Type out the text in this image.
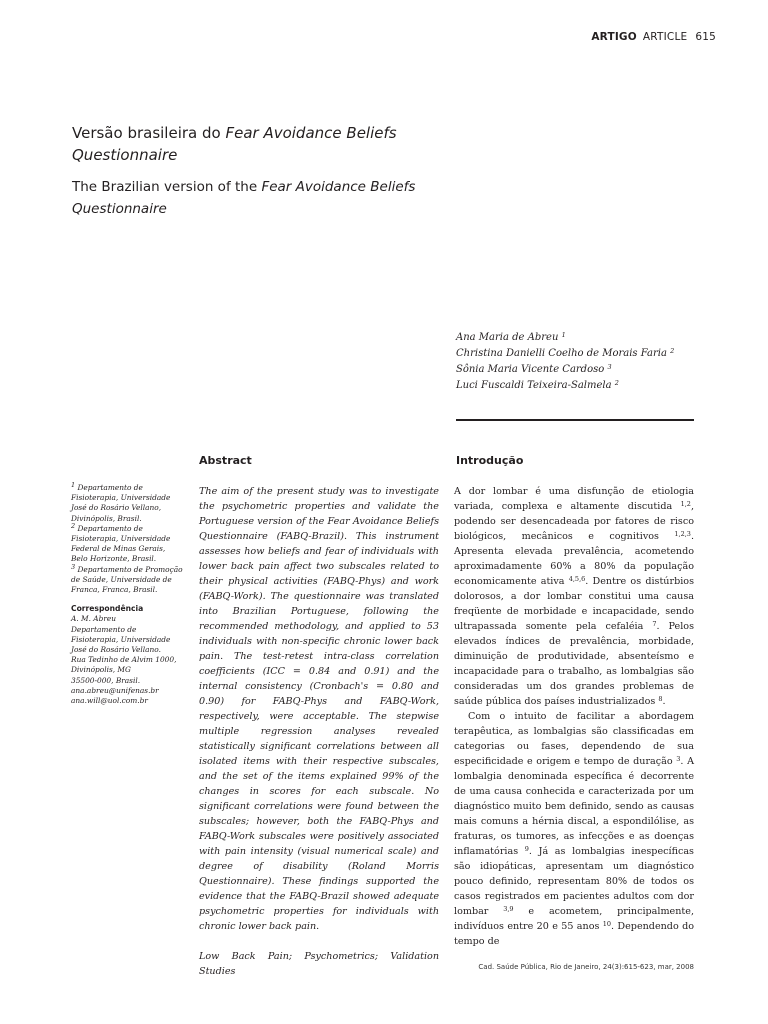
ARTIGO ARTICLE 615
Versão brasileira do Fear Avoidance Beliefs Questionnaire
The Brazilian version of the Fear Avoidance Beliefs Questionnaire
Ana Maria de Abreu $^1$
Christina Danielli Coelho de Morais Faria $^2$
Sônia Maria Vicente Cardoso $^3$
Luci Fuscaldi Teixeira-Salmela $^2$
$^1$ Departamento de Fisioterapia, Universidade José do Rosário Vellano, Divinópolis, Brasil.
$^2$ Departamento de Fisioterapia, Universidade Federal de Minas Gerais, Belo Horizonte, Brasil.
$^3$ Departamento de Promoção de Saúde, Universidade de Franca, Franca, Brasil.
Correspondência
A. M. Abreu
Departamento de
Fisioterapia, Universidade
José do Rosário Vellano.
Rua Tedinho de Alvim 1000,
Divinópolis, MG
35500-000, Brasil.
ana.abreu@unifenas.br
ana.will@uol.com.br
Abstract
The aim of the present study was to investigate the psychometric properties and validate the Portuguese version of the Fear Avoidance Beliefs Questionnaire (FABQ-Brazil). This instrument assesses how beliefs and fear of individuals with lower back pain affect two subscales related to their physical activities (FABQ-Phys) and work (FABQ-Work). The questionnaire was translated into Brazilian Portuguese, following the recommended methodology, and applied to 53 individuals with non-specific chronic lower back pain. The test-retest intra-class correlation coefficients (ICC = 0.84 and 0.91) and the internal consistency (Cronbach's = 0.80 and 0.90) for FABQ-Phys and FABQ-Work, respectively, were acceptable. The stepwise multiple regression analyses revealed statistically significant correlations between all isolated items with their respective subscales, and the set of the items explained 99% of the changes in scores for each subscale. No significant correlations were found between the subscales; however, both the FABQ-Phys and FABQ-Work subscales were positively associated with pain intensity (visual numerical scale) and degree of disability (Roland Morris Questionnaire). These findings supported the evidence that the FABQ-Brazil showed adequate psychometric properties for individuals with chronic lower back pain.
Low Back Pain; Psychometrics; Validation Studies
Introdução

A dor lombar é uma disfunção de etiologia variada, complexa e altamente discutida $^{1,2}$, podendo ser desencadeada por fatores de risco biológicos, mecânicos e cognitivos $^{1,2,3}$. Apresenta elevada prevalência, acometendo aproximadamente 60% a 80% da população economicamente ativa $^{4,5,6}$. Dentre os distúrbios dolorosos, a dor lombar constitui uma causa freqüente de morbidade e incapacidade, sendo ultrapassada somente pela cefaléia $^7$. Pelos elevados índices de prevalência, morbidade, diminuição de produtividade, absenteísmo e incapacidade para o trabalho, as lombalgias são consideradas um dos grandes problemas de saúde pública dos países industrializados $^8$.

Com o intuito de facilitar a abordagem terapêutica, as lombalgias são classificadas em categorias ou fases, dependendo de sua especificidade e origem e tempo de duração $^3$. A lombalgia denominada específica é decorrente de uma causa conhecida e caracterizada por um diagnóstico muito bem definido, sendo as causas mais comuns a hérnia discal, a espondilólise, as fraturas, os tumores, as infecções e as doenças inflamatórias $^9$. Já as lombalgias inespecíficas são idiopáticas, apresentam um diagnóstico pouco definido, representam 80% de todos os casos registrados em pacientes adultos com dor lombar $^{3,9}$ e acometem, principalmente, indivíduos entre 20 e 55 anos $^{10}$. Dependendo do tempo de

Cad. Saúde Pública, Rio de Janeiro, 24(3):615-623, mar, 2008
